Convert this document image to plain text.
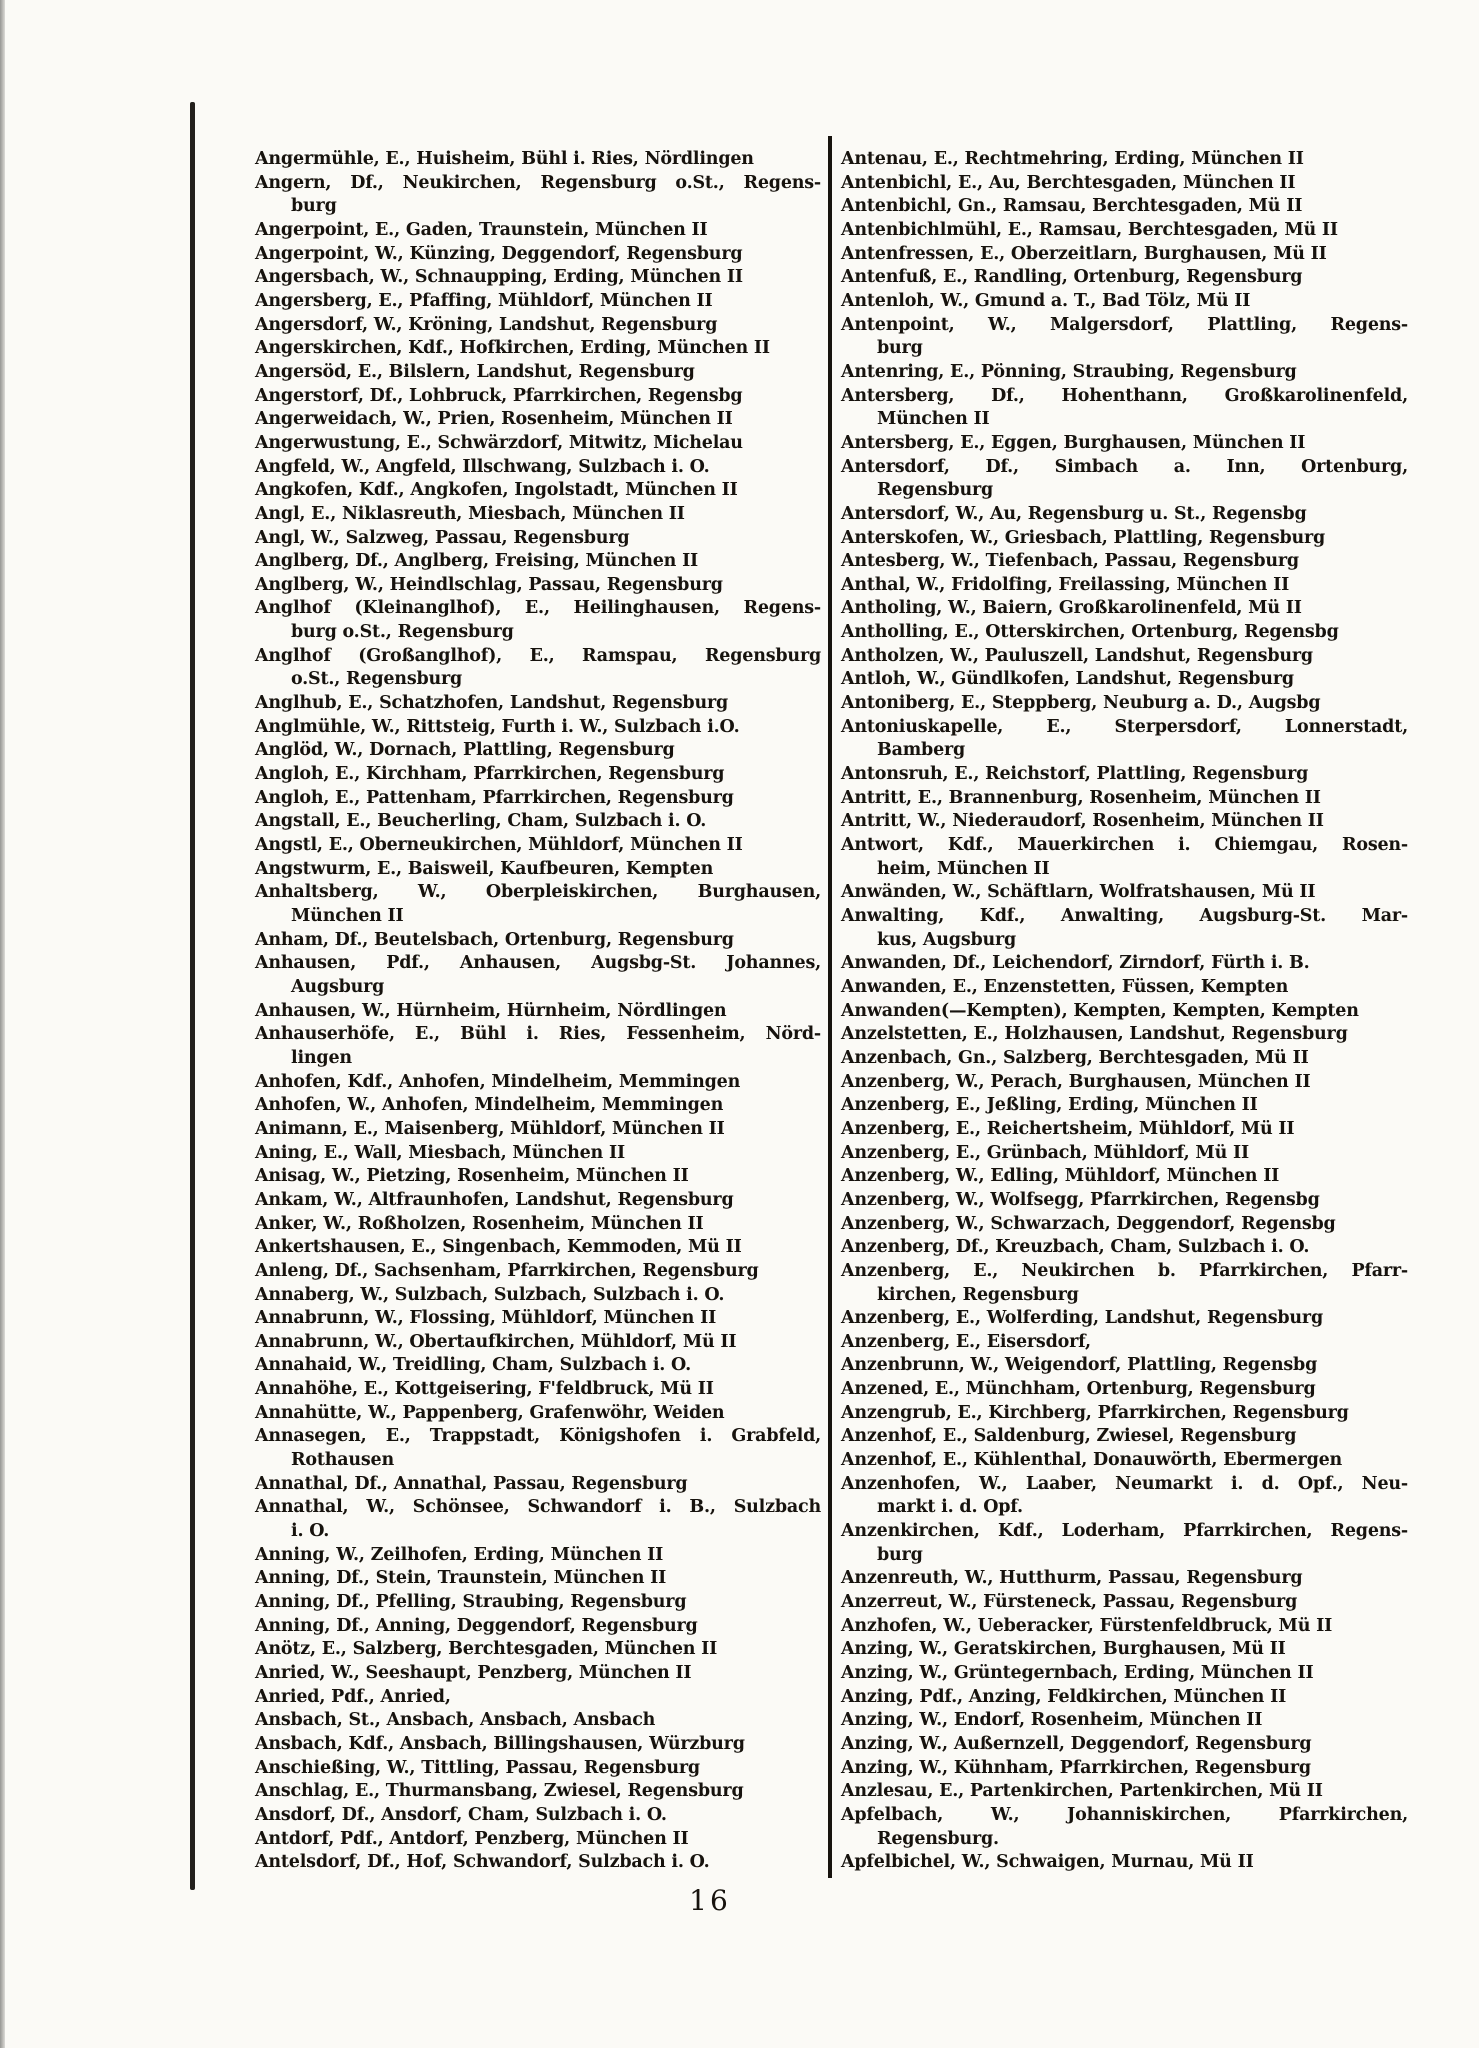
Angermühle, E., Huisheim, Bühl i. Ries, Nördlingen
Angern, Df., Neukirchen, Regensburg o.St., Regens-
burg
Angerpoint, E., Gaden, Traunstein, München II
Angerpoint, W., Künzing, Deggendorf, Regensburg
Angersbach, W., Schnaupping, Erding, München II
Angersberg, E., Pfaffing, Mühldorf, München II
Angersdorf, W., Kröning, Landshut, Regensburg
Angerskirchen, Kdf., Hofkirchen, Erding, München II
Angersöd, E., Bilslern, Landshut, Regensburg
Angerstorf, Df., Lohbruck, Pfarrkirchen, Regensbg
Angerweidach, W., Prien, Rosenheim, München II
Angerwustung, E., Schwärzdorf, Mitwitz, Michelau
Angfeld, W., Angfeld, Illschwang, Sulzbach i. O.
Angkofen, Kdf., Angkofen, Ingolstadt, München II
Angl, E., Niklasreuth, Miesbach, München II
Angl, W., Salzweg, Passau, Regensburg
Anglberg, Df., Anglberg, Freising, München II
Anglberg, W., Heindlschlag, Passau, Regensburg
Anglhof (Kleinanglhof), E., Heilinghausen, Regens-
burg o.St., Regensburg
Anglhof (Großanglhof), E., Ramspau, Regensburg
o.St., Regensburg
Anglhub, E., Schatzhofen, Landshut, Regensburg
Anglmühle, W., Rittsteig, Furth i. W., Sulzbach i.O.
Anglöd, W., Dornach, Plattling, Regensburg
Angloh, E., Kirchham, Pfarrkirchen, Regensburg
Angloh, E., Pattenham, Pfarrkirchen, Regensburg
Angstall, E., Beucherling, Cham, Sulzbach i. O.
Angstl, E., Oberneukirchen, Mühldorf, München II
Angstwurm, E., Baisweil, Kaufbeuren, Kempten
Anhaltsberg, W., Oberpleiskirchen, Burghausen,
München II
Anham, Df., Beutelsbach, Ortenburg, Regensburg
Anhausen, Pdf., Anhausen, Augsbg-St. Johannes,
Augsburg
Anhausen, W., Hürnheim, Hürnheim, Nördlingen
Anhauserhöfe, E., Bühl i. Ries, Fessenheim, Nörd-
lingen
Anhofen, Kdf., Anhofen, Mindelheim, Memmingen
Anhofen, W., Anhofen, Mindelheim, Memmingen
Animann, E., Maisenberg, Mühldorf, München II
Aning, E., Wall, Miesbach, München II
Anisag, W., Pietzing, Rosenheim, München II
Ankam, W., Altfraunhofen, Landshut, Regensburg
Anker, W., Roßholzen, Rosenheim, München II
Ankertshausen, E., Singenbach, Kemmoden, Mü II
Anleng, Df., Sachsenham, Pfarrkirchen, Regensburg
Annaberg, W., Sulzbach, Sulzbach, Sulzbach i. O.
Annabrunn, W., Flossing, Mühldorf, München II
Annabrunn, W., Obertaufkirchen, Mühldorf, Mü II
Annahaid, W., Treidling, Cham, Sulzbach i. O.
Annahöhe, E., Kottgeisering, F'feldbruck, Mü II
Annahütte, W., Pappenberg, Grafenwöhr, Weiden
Annasegen, E., Trappstadt, Königshofen i. Grabfeld,
Rothausen
Annathal, Df., Annathal, Passau, Regensburg
Annathal, W., Schönsee, Schwandorf i. B., Sulzbach
i. O.
Anning, W., Zeilhofen, Erding, München II
Anning, Df., Stein, Traunstein, München II
Anning, Df., Pfelling, Straubing, Regensburg
Anning, Df., Anning, Deggendorf, Regensburg
Anötz, E., Salzberg, Berchtesgaden, München II
Anried, W., Seeshaupt, Penzberg, München II
Anried, Pdf., Anried,
Ansbach, St., Ansbach, Ansbach, Ansbach
Ansbach, Kdf., Ansbach, Billingshausen, Würzburg
Anschießing, W., Tittling, Passau, Regensburg
Anschlag, E., Thurmansbang, Zwiesel, Regensburg
Ansdorf, Df., Ansdorf, Cham, Sulzbach i. O.
Antdorf, Pdf., Antdorf, Penzberg, München II
Antelsdorf, Df., Hof, Schwandorf, Sulzbach i. O.
Antenau, E., Rechtmehring, Erding, München II
Antenbichl, E., Au, Berchtesgaden, München II
Antenbichl, Gn., Ramsau, Berchtesgaden, Mü II
Antenbichlmühl, E., Ramsau, Berchtesgaden, Mü II
Antenfressen, E., Oberzeitlarn, Burghausen, Mü II
Antenfuß, E., Randling, Ortenburg, Regensburg
Antenloh, W., Gmund a. T., Bad Tölz, Mü II
Antenpoint, W., Malgersdorf, Plattling, Regens-
burg
Antenring, E., Pönning, Straubing, Regensburg
Antersberg, Df., Hohenthann, Großkarolinenfeld,
München II
Antersberg, E., Eggen, Burghausen, München II
Antersdorf, Df., Simbach a. Inn, Ortenburg,
Regensburg
Antersdorf, W., Au, Regensburg u. St., Regensbg
Anterskofen, W., Griesbach, Plattling, Regensburg
Antesberg, W., Tiefenbach, Passau, Regensburg
Anthal, W., Fridolfing, Freilassing, München II
Antholing, W., Baiern, Großkarolinenfeld, Mü II
Antholling, E., Otterskirchen, Ortenburg, Regensbg
Antholzen, W., Pauluszell, Landshut, Regensburg
Antloh, W., Gündlkofen, Landshut, Regensburg
Antoniberg, E., Steppberg, Neuburg a. D., Augsbg
Antoniuskapelle, E., Sterpersdorf, Lonnerstadt,
Bamberg
Antonsruh, E., Reichstorf, Plattling, Regensburg
Antritt, E., Brannenburg, Rosenheim, München II
Antritt, W., Niederaudorf, Rosenheim, München II
Antwort, Kdf., Mauerkirchen i. Chiemgau, Rosen-
heim, München II
Anwänden, W., Schäftlarn, Wolfratshausen, Mü II
Anwalting, Kdf., Anwalting, Augsburg-St. Mar-
kus, Augsburg
Anwanden, Df., Leichendorf, Zirndorf, Fürth i. B.
Anwanden, E., Enzenstetten, Füssen, Kempten
Anwanden(—Kempten), Kempten, Kempten, Kempten
Anzelstetten, E., Holzhausen, Landshut, Regensburg
Anzenbach, Gn., Salzberg, Berchtesgaden, Mü II
Anzenberg, W., Perach, Burghausen, München II
Anzenberg, E., Jeßling, Erding, München II
Anzenberg, E., Reichertsheim, Mühldorf, Mü II
Anzenberg, E., Grünbach, Mühldorf, Mü II
Anzenberg, W., Edling, Mühldorf, München II
Anzenberg, W., Wolfsegg, Pfarrkirchen, Regensbg
Anzenberg, W., Schwarzach, Deggendorf, Regensbg
Anzenberg, Df., Kreuzbach, Cham, Sulzbach i. O.
Anzenberg, E., Neukirchen b. Pfarrkirchen, Pfarr-
kirchen, Regensburg
Anzenberg, E., Wolferding, Landshut, Regensburg
Anzenberg, E., Eisersdorf,
Anzenbrunn, W., Weigendorf, Plattling, Regensbg
Anzened, E., Münchham, Ortenburg, Regensburg
Anzengrub, E., Kirchberg, Pfarrkirchen, Regensburg
Anzenhof, E., Saldenburg, Zwiesel, Regensburg
Anzenhof, E., Kühlenthal, Donauwörth, Ebermergen
Anzenhofen, W., Laaber, Neumarkt i. d. Opf., Neu-
markt i. d. Opf.
Anzenkirchen, Kdf., Loderham, Pfarrkirchen, Regens-
burg
Anzenreuth, W., Hutthurm, Passau, Regensburg
Anzerreut, W., Fürsteneck, Passau, Regensburg
Anzhofen, W., Ueberacker, Fürstenfeldbruck, Mü II
Anzing, W., Geratskirchen, Burghausen, Mü II
Anzing, W., Grüntegernbach, Erding, München II
Anzing, Pdf., Anzing, Feldkirchen, München II
Anzing, W., Endorf, Rosenheim, München II
Anzing, W., Außernzell, Deggendorf, Regensburg
Anzing, W., Kühnham, Pfarrkirchen, Regensburg
Anzlesau, E., Partenkirchen, Partenkirchen, Mü II
Apfelbach, W., Johanniskirchen, Pfarrkirchen,
Regensburg.
Apfelbichel, W., Schwaigen, Murnau, Mü II
16
